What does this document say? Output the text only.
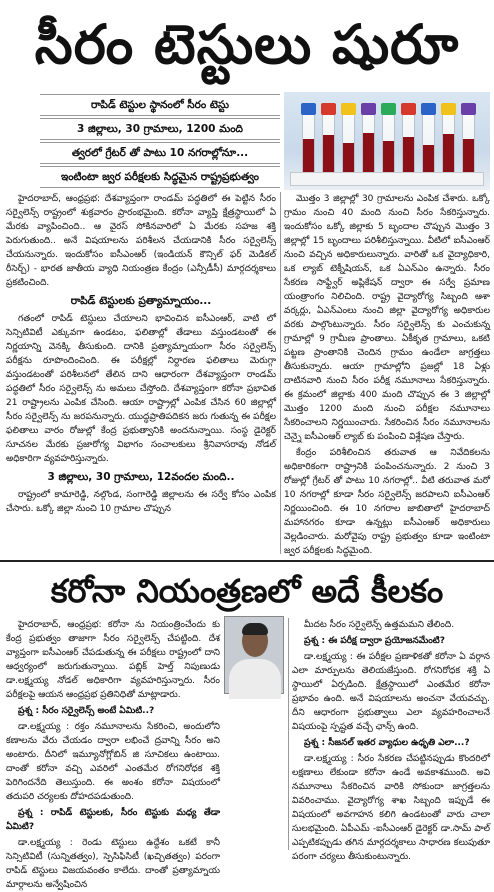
సీరం టెస్టులు షురూ
రాపిడ్ టెస్టుల స్థానంలో సీరం టెస్టు
3 జిల్లాలు, 30 గ్రామాలు, 1200 మంది
త్వరలో గ్రేటర్ తో పాటు 10 నగరాల్లోనూ...
ఇంటింటా జ్వర పరీక్షలకు సిద్ధమైన రాష్ట్రప్రభుత్వం

హైదరాబాద్, ఆంధ్రప్రభ: దేశవ్యాప్తంగా రాండమ్ పద్ధతిలో ఈ పెట్టిన సీరం సర్వైలెన్స్ రాష్ట్రంలో శుక్రవారం ప్రారంభమైంది. కరోనా వ్యాప్తి క్షేత్రస్థాయిలో ఏ మేరకు వ్యాపించింది.. ఆ వైరస్ సోకినవారిలో ఏ మేరకు సహజ శక్తి పెరుగుతుంది.. అనే విషయాలను పరిశీలన చేయడానికి సీరం సర్వైలెన్స్ చేయనున్నారు. ఇందుకోసం ఐసీఎంఆర్ (ఇండియన్ కౌన్సిల్ ఫర్ మెడికల్ రీసెర్చ్) - భారత జాతీయ వ్యాధి నియంత్రణ కేంద్రం (ఎన్సీడీసీ) మార్గదర్శకాలు ప్రకటించింది.

రాపిడ్ టెస్టులకు ప్రత్యామ్నాయం...

గతంలో రాపిడ్ టెస్టులు చేయాలని భావించిన ఐసీఎంఆర్, వాటి లో సెన్సిటివిటీ ఎక్కువగా ఉండటం, ఫలితాల్లో తేడాలు వస్తుండటంతో ఈ నిర్ణయాన్ని వెనక్కి తీసుకుంది. దానికి ప్రత్యామ్నాయంగా సీరం సర్వైలెన్స్ పరీక్షను రూపొందించింది. ఈ పరీక్షల్లో నిర్దారణ ఫలితాలు మెరుగ్గా వస్తుండటంతో పరిశీలనలో తేలిన దాని ఆధారంగా దేశవ్యాప్తంగా రాండమ్ పద్ధతిలో సీరం సర్వైలెన్స్ ను అమలు చేస్తోంది. దేశవ్యాప్తంగా కరోనా ప్రభావిత 21 రాష్ట్రాలను ఎంపిక చేసింది. ఆయా రాష్ట్రాల్లో ఎంపిక చేసిన 60 జిల్లాల్లో సీరం సర్వైలెన్స్ ను జరపనున్నారు. యుద్ధప్రాతిపదికన జరు గుతున్న ఈ పరీక్షల ఫలితాలు వారం రోజుల్లో కేంద్ర ప్రభుత్వానికి అందనున్నాయి. సంస్థ డైరెక్టర్ సూచనల మేరకు ప్రజారోగ్య విభాగం సంచాలకులు శ్రీనివాసరావు నోడల్ అధికారిగా వ్యవహరిస్తున్నారు.

3 జిల్లాలు, 30 గ్రామాలు, 12వందల మంది..

రాష్ట్రంలో కామారెడ్డి, నల్గొండ, సంగారెడ్డి జిల్లాలను ఈ సర్వే కోసం ఎంపిక చేసారు. ఒక్కో జిల్లా నుంచి 10 గ్రామాల చొప్పున

మొత్తం 3 జిల్లాల్లో 30 గ్రామాలను ఎంపిక చేశారు. ఒక్కో గ్రామం నుంచి 40 మంది నుంచి సీరం సేకరిస్తున్నారు. ఇందుకోసం ఒక్కో జిల్లాకు 5 బృందాల చొప్పున మొత్తం 3 జిల్లాల్లో 15 బృందాలు పరిశీలిస్తున్నాయి. వీటిలో ఐసీఎంఆర్ నుంచి వచ్చిన అధికారులున్నారు. వారితో ఒక వైద్యాధికారి, ఒక ల్యాబ్ టెక్నీషియన్, ఒక ఏఎన్ఎం ఉన్నారు. సీరం సేకరణ సాఫ్ట్వేర్ అప్లికేషన్ ద్వారా ఈ సర్వే ప్రమాణ యంత్రాంగం నిలిచింది. రాష్ట్ర వైద్యారోగ్య సిబ్బంది ఆశా వర్కర్లు, ఏఎన్ఎంలు నుంచి జిల్లా వైద్యారోగ్య అధికారుల వరకు పాల్గొంటున్నారు. సీరం సర్వైలెన్స్ కు ఎంచుకున్న గ్రామాల్లో 9 గ్రామీణ ప్రాంతాలు. ఏకీకృత గ్రామాలు, ఒకటి పట్టణ ప్రాంతానికి చెందిన గ్రామం ఉండేలా జాగ్రత్తలు తీసుకున్నారు. ఆయా గ్రామాల్లోని ప్రజల్లో 18 ఏళ్లు దాటినవారి నుంచి సీరం పరీక్ష నమూనాలు సేకరిస్తున్నారు. ఈ క్రమంలో జిల్లాకు 400 మంది చొప్పున ఈ 3 జిల్లాల్లో మొత్తం 1200 మంది నుంచి పరీక్షల నమూనాలు సేకరించాలని నిర్ణయించారు. సేకరించిన సీరం నమూనాలను చెన్నై ఐసీఎంఆర్ ల్యాబ్ కు పంపించి విశ్లేషణ చేస్తారు.

కేంద్రం పరిశీలించిన తరువాత ఆ నివేదికలను అధికారికంగా రాష్ట్రానికి పంపించనున్నారు. 2 నుంచి 3 రోజుల్లో గ్రేటర్ తో పాటు 10 నగరాల్లో.. వీటి తరువాత మరో 10 నగరాల్లో కూడా సీరం సర్వైలెన్స్ జరపాలని ఐసీఎంఆర్ నిర్ణయించింది. ఈ 10 నగరాల జాబితాలో హైదరాబాద్ మహానగరం కూడా ఉన్నట్లు ఐసీఎంఆర్ అధికారులు వెల్లడించారు. మరోవైపు రాష్ట్ర ప్రభుత్వం కూడా ఇంటింటా జ్వర పరీక్షలకు సిద్ధమైంది.

కరోనా నియంత్రణలో అదే కీలకం

హైదరాబాద్, ఆంధ్రప్రభ: కరోనా ను నియంత్రించేందు కు కేంద్ర ప్రభుత్వం తాజాగా సీరం సర్వైలెన్స్ చేపట్టింది. దేశ వ్యాప్తంగా ఐసీఎంఆర్ చేపడుతున్న ఈ పరీక్షలు రాష్ట్రంలో దాని ఆధ్వర్యంలో జరుగుతున్నాయి. పబ్లిక్ హెల్త్ నిపుణుడు డా.లక్ష్మయ్య నోడల్ అధికారిగా వ్యవహరిస్తున్నారు. సీరం పరీక్షలపై ఆయన ఆంధ్రప్రభ ప్రతినిధితో మాట్లాడారు.

ప్రశ్న : సీరం సర్వైలెన్స్ అంటే ఏమిటి..?

డా.లక్ష్మయ్య : రక్తం నమూనాలను సేకరించి, అందులోని కణాలను వేరు చేయడం ద్వారా లభించే ద్రవాన్ని సీరం అని అంటారు. దీనిలో ఇమ్యూనోగ్లోబిన్ జి సూచికలు ఉంటాయి. దాంతో కరోనా వచ్చి ఎవరిలో ఎంతమేర రోగనిరోధక శక్తి పెరిగిందనేది తెలుస్తుంది. ఈ అంశం కరోనా విషయంలో తదుపరి చర్యలకు దోహదపడుతుంది.

ప్రశ్న : రాపిడ్ టెస్టులకు, సీరం టెస్టుకు మధ్య తేడా ఏమిటి?

డా.లక్ష్మయ్య : రెండు టెస్టులు ఉద్దేశం ఒకటే కానీ సెన్సిటివిటీ (సున్నితత్వం), స్పెసిఫిసిటీ (ఖచ్చితత్వం) పరంగా రాపిడ్ టెస్టులు విజయవంతం కాలేదు. దాంతో ప్రత్యామ్నాయ మార్గాలను అన్వేషించిన

మీదట సీరం సర్వైలెన్స్ ఉత్తమమని తేలింది.

ప్రశ్న : ఈ పరీక్ష ద్వారా ప్రయోజనమేంటి?

డా.లక్ష్మయ్య : ఈ పరీక్షల ప్రణాళికతో కరోనా ఏ వర్గాన ఎలా మార్పులను తెలియజేస్తుంది. రోగనిరోధక శక్తి ఏ స్థాయిలో ఏర్పడింది. క్షేత్రస్థాయిలో ఎంతమేర కరోనా ప్రభావం ఉంది. అనే విషయాలను అంచనా వేయవచ్చు. దీని ఆధారంగా ప్రభుత్వాలు ఎలా వ్యవహరించాలనే విషయంపై స్పష్టత వచ్చే ఛాన్స్ ఉంది.

ప్రశ్న : సీజనల్ ఇతర వ్యాధుల ఉధృతి ఎలా...?

డా.లక్ష్మయ్య : సీరం సేకరణ చేపట్టినప్పుడు కొందరిలో లక్షణాలు లేకుండా కరోనా ఉండే అవకాశముంది. అవి నమూనాలు సేకరించిన వారికి సోకుందా జాగ్రత్తలను వివరించాము. వైద్యారోగ్య శాఖ సిబ్బంది ఇప్పుడే ఈ విషయంలో అవగాహన కలిగి ఉండటంతో వారు చాలా సులభమైంది. ఏపీఎమ్ -ఐసీఎంఆర్ డైరెక్టర్ డా.సామ్ పాల్ ఎప్పటికప్పుడు తగిన మార్గదర్శకాలు సాధారణ కలుపుతూ పరంగా చర్యలు తీసుకుంటున్నారు.
